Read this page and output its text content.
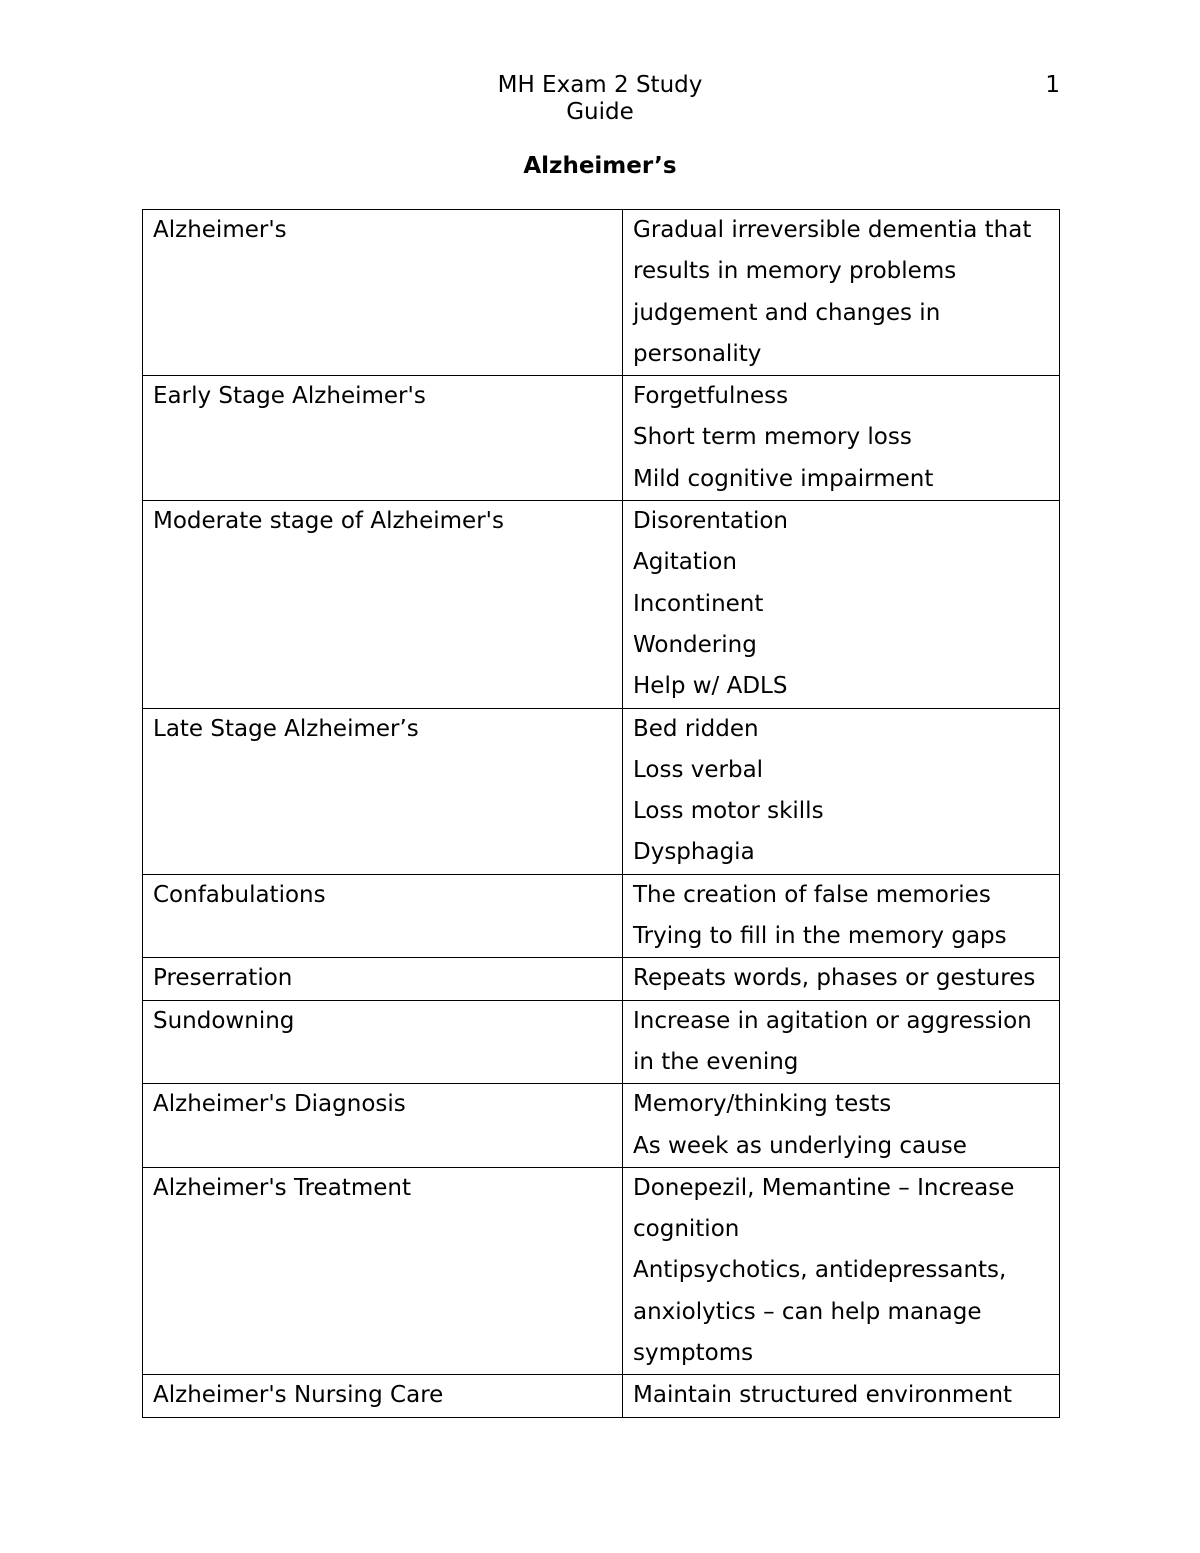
MH Exam 2 Study
Guide
1
Alzheimer’s
Alzheimer's	Gradual irreversible dementia that
results in memory problems
judgement and changes in
personality

Early Stage Alzheimer's	Forgetfulness
Short term memory loss
Mild cognitive impairment

Moderate stage of Alzheimer's	Disorentation
Agitation
Incontinent
Wondering
Help w/ ADLS

Late Stage Alzheimer’s	Bed ridden
Loss verbal
Loss motor skills
Dysphagia

Confabulations	The creation of false memories
Trying to fill in the memory gaps

Preserration	Repeats words, phases or gestures

Sundowning	Increase in agitation or aggression
in the evening

Alzheimer's Diagnosis	Memory/thinking tests
As week as underlying cause

Alzheimer's Treatment	Donepezil, Memantine – Increase
cognition
Antipsychotics, antidepressants,
anxiolytics – can help manage
symptoms

Alzheimer's Nursing Care	Maintain structured environment
